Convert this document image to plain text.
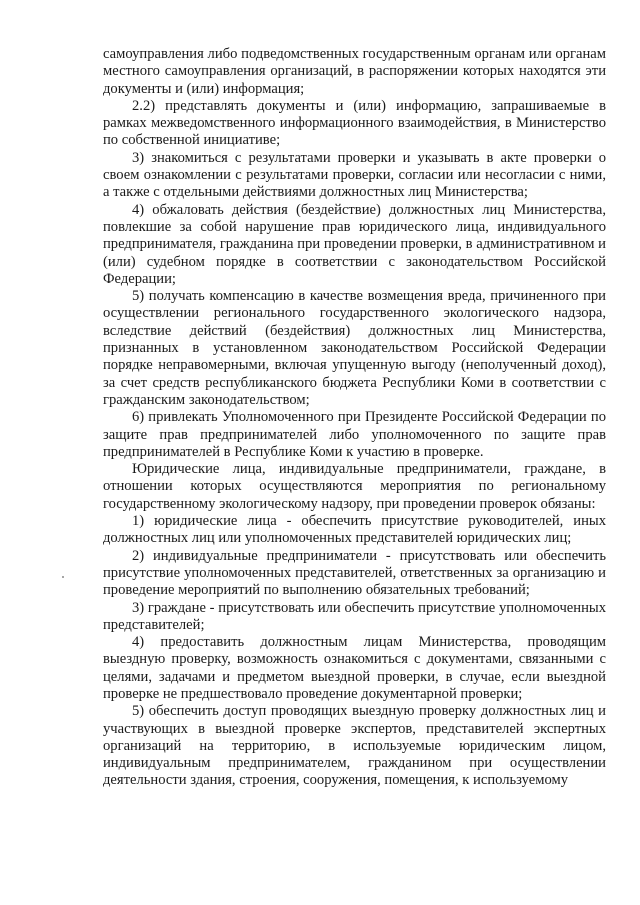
самоуправления либо подведомственных государственным органам или органам местного самоуправления организаций, в распоряжении которых находятся эти документы и (или) информация;

2.2) представлять документы и (или) информацию, запрашиваемые в рамках межведомственного информационного взаимодействия, в Министерство по собственной инициативе;

3) знакомиться с результатами проверки и указывать в акте проверки о своем ознакомлении с результатами проверки, согласии или несогласии с ними, а также с отдельными действиями должностных лиц Министерства;

4) обжаловать действия (бездействие) должностных лиц Министерства, повлекшие за собой нарушение прав юридического лица, индивидуального предпринимателя, гражданина при проведении проверки, в административном и (или) судебном порядке в соответствии с законодательством Российской Федерации;

5) получать компенсацию в качестве возмещения вреда, причиненного при осуществлении регионального государственного экологического надзора, вследствие действий (бездействия) должностных лиц Министерства, признанных в установленном законодательством Российской Федерации порядке неправомерными, включая упущенную выгоду (неполученный доход), за счет средств республиканского бюджета Республики Коми в соответствии с гражданским законодательством;

6) привлекать Уполномоченного при Президенте Российской Федерации по защите прав предпринимателей либо уполномоченного по защите прав предпринимателей в Республике Коми к участию в проверке.

Юридические лица, индивидуальные предприниматели, граждане, в отношении которых осуществляются мероприятия по региональному государственному экологическому надзору, при проведении проверок обязаны:

1) юридические лица - обеспечить присутствие руководителей, иных должностных лиц или уполномоченных представителей юридических лиц;

2) индивидуальные предприниматели - присутствовать или обеспечить присутствие уполномоченных представителей, ответственных за организацию и проведение мероприятий по выполнению обязательных требований;

3) граждане - присутствовать или обеспечить присутствие уполномоченных представителей;

4) предоставить должностным лицам Министерства, проводящим выездную проверку, возможность ознакомиться с документами, связанными с целями, задачами и предметом выездной проверки, в случае, если выездной проверке не предшествовало проведение документарной проверки;

5) обеспечить доступ проводящих выездную проверку должностных лиц и участвующих в выездной проверке экспертов, представителей экспертных организаций на территорию, в используемые юридическим лицом, индивидуальным предпринимателем, гражданином при осуществлении деятельности здания, строения, сооружения, помещения, к используемому
